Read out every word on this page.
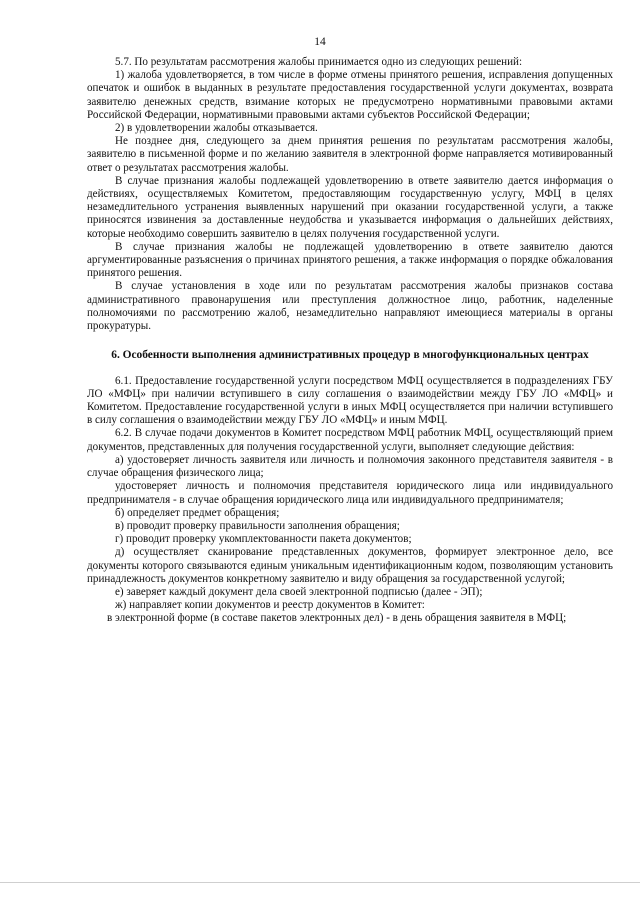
14

5.7. По результатам рассмотрения жалобы принимается одно из следующих решений:

1) жалоба удовлетворяется, в том числе в форме отмены принятого решения, исправления допущенных опечаток и ошибок в выданных в результате предоставления государственной услуги документах, возврата заявителю денежных средств, взимание которых не предусмотрено нормативными правовыми актами Российской Федерации, нормативными правовыми актами субъектов Российской Федерации;

2) в удовлетворении жалобы отказывается.

Не позднее дня, следующего за днем принятия решения по результатам рассмотрения жалобы, заявителю в письменной форме и по желанию заявителя в электронной форме направляется мотивированный ответ о результатах рассмотрения жалобы.

В случае признания жалобы подлежащей удовлетворению в ответе заявителю дается информация о действиях, осуществляемых Комитетом, предоставляющим государственную услугу, МФЦ в целях незамедлительного устранения выявленных нарушений при оказании государственной услуги, а также приносятся извинения за доставленные неудобства и указывается информация о дальнейших действиях, которые необходимо совершить заявителю в целях получения государственной услуги.

В случае признания жалобы не подлежащей удовлетворению в ответе заявителю даются аргументированные разъяснения о причинах принятого решения, а также информация о порядке обжалования принятого решения.

В случае установления в ходе или по результатам рассмотрения жалобы признаков состава административного правонарушения или преступления должностное лицо, работник, наделенные полномочиями по рассмотрению жалоб, незамедлительно направляют имеющиеся материалы в органы прокуратуры.

6. Особенности выполнения административных процедур в многофункциональных центрах

6.1. Предоставление государственной услуги посредством МФЦ осуществляется в подразделениях ГБУ ЛО «МФЦ» при наличии вступившего в силу соглашения о взаимодействии между ГБУ ЛО «МФЦ» и Комитетом. Предоставление государственной услуги в иных МФЦ осуществляется при наличии вступившего в силу соглашения о взаимодействии между ГБУ ЛО «МФЦ» и иным МФЦ.

6.2. В случае подачи документов в Комитет посредством МФЦ работник МФЦ, осуществляющий прием документов, представленных для получения государственной услуги, выполняет следующие действия:

а) удостоверяет личность заявителя или личность и полномочия законного представителя заявителя - в случае обращения физического лица;

удостоверяет личность и полномочия представителя юридического лица или индивидуального предпринимателя - в случае обращения юридического лица или индивидуального предпринимателя;

б) определяет предмет обращения;

в) проводит проверку правильности заполнения обращения;

г) проводит проверку укомплектованности пакета документов;

д) осуществляет сканирование представленных документов, формирует электронное дело, все документы которого связываются единым уникальным идентификационным кодом, позволяющим установить принадлежность документов конкретному заявителю и виду обращения за государственной услугой;

е) заверяет каждый документ дела своей электронной подписью (далее - ЭП);

ж) направляет копии документов и реестр документов в Комитет:

в электронной форме (в составе пакетов электронных дел) - в день обращения заявителя в МФЦ;
